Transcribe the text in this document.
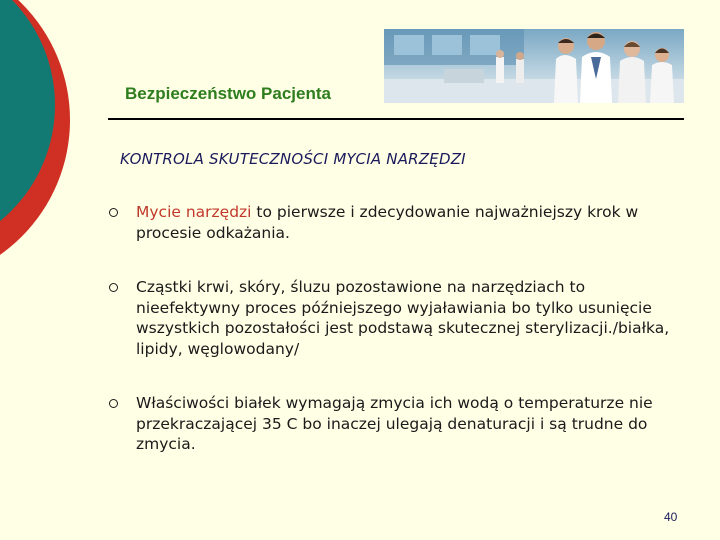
Bezpieczeństwo Pacjenta
KONTROLA SKUTECZNOŚCI MYCIA NARZĘDZI
Mycie narzędzi to pierwsze i zdecydowanie najważniejszy krok w procesie odkażania.
Cząstki krwi, skóry, śluzu pozostawione na narzędziach to nieefektywny proces późniejszego wyjaławiania bo tylko usunięcie wszystkich pozostałości jest podstawą skutecznej sterylizacji./białka, lipidy, węglowodany/
Właściwości białek wymagają zmycia ich wodą o temperaturze nie przekraczającej 35 C bo inaczej ulegają denaturacji i są trudne do zmycia.
40
